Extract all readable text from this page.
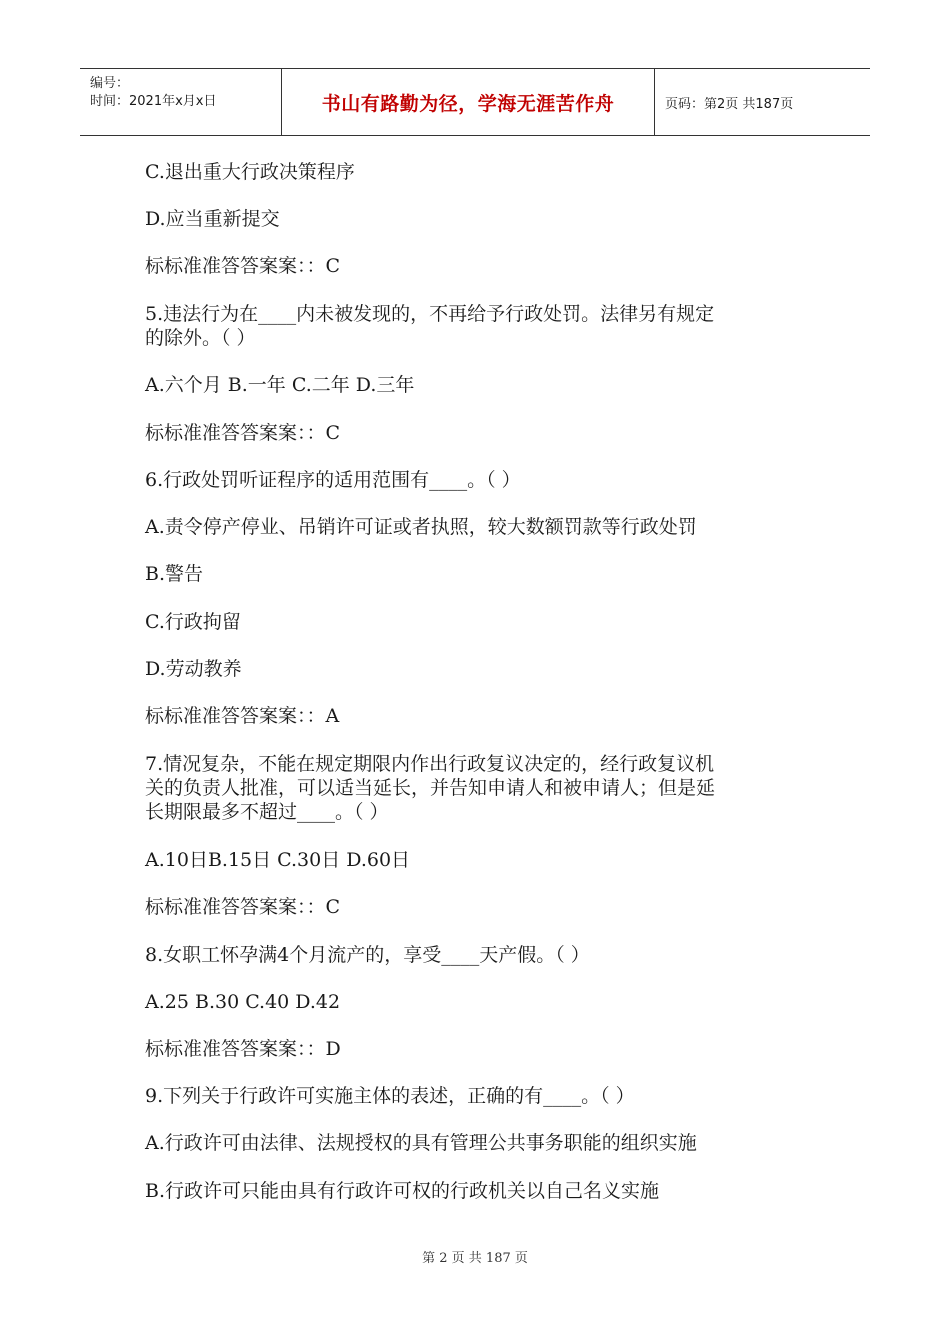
编号：
时间：2021年x月x日	书山有路勤为径，学海无涯苦作舟	页码：第2页 共187页
C.退出重大行政决策程序
D.应当重新提交
标标准准答答案案：：C
5.违法行为在____内未被发现的，不再给予行政处罚。法律另有规定
的除外。（ ）
A.六个月 B.一年 C.二年 D.三年
标标准准答答案案：：C
6.行政处罚听证程序的适用范围有____。（ ）
A.责令停产停业、吊销许可证或者执照，较大数额罚款等行政处罚
B.警告
C.行政拘留
D.劳动教养
标标准准答答案案：：A
7.情况复杂，不能在规定期限内作出行政复议决定的，经行政复议机
关的负责人批准，可以适当延长，并告知申请人和被申请人；但是延
长期限最多不超过____。（ ）
A.10日B.15日 C.30日 D.60日
标标准准答答案案：：C
8.女职工怀孕满4个月流产的，享受____天产假。（ ）
A.25 B.30 C.40 D.42
标标准准答答案案：：D
9.下列关于行政许可实施主体的表述，正确的有____。（ ）
A.行政许可由法律、法规授权的具有管理公共事务职能的组织实施
B.行政许可只能由具有行政许可权的行政机关以自己名义实施
第 2 页 共 187 页
